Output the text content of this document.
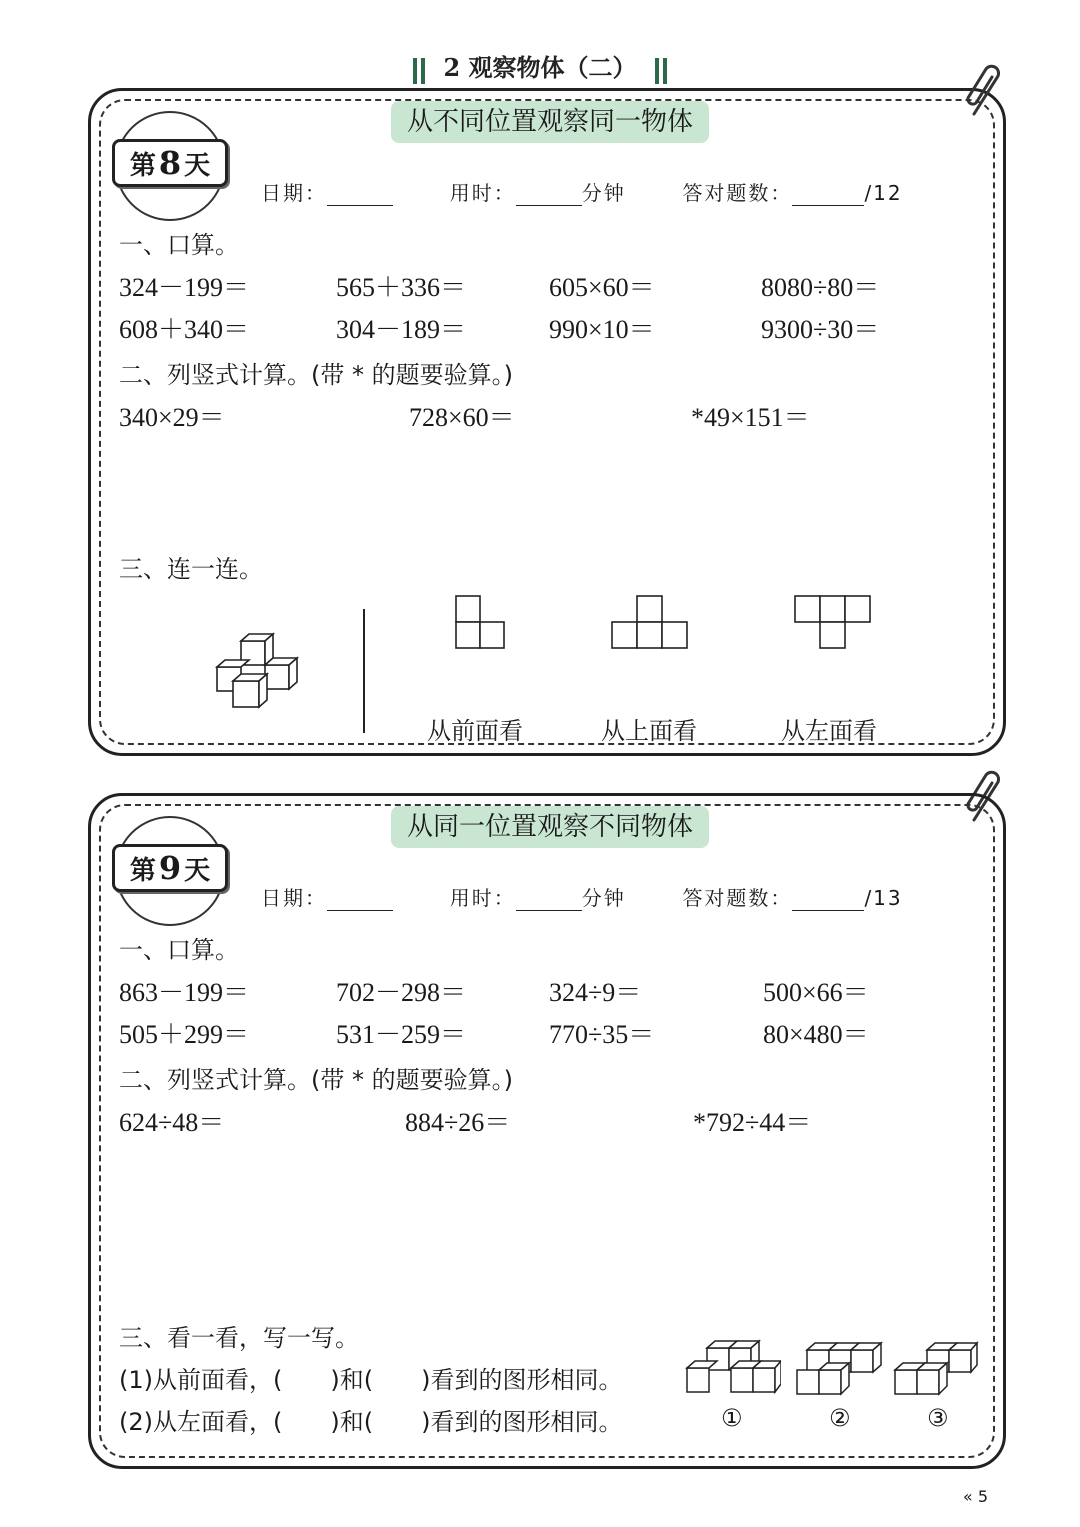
2 观察物体（二）
从不同位置观察同一物体
第8 天
日期：	用时：	分钟	答对题数：	/12
一、口算。
324－199＝	565＋336＝	605×60＝	8080÷80＝
608＋340＝	304－189＝	990×10＝	9300÷30＝
二、列竖式计算。(带 * 的题要验算。)
340×29＝	728×60＝	*49×151＝
三、连一连。
从前面看	从上面看	从左面看
从同一位置观察不同物体
第9 天
日期：	用时：	分钟	答对题数：	/13
一、口算。
863－199＝	702－298＝	324÷9＝	500×66＝
505＋299＝	531－259＝	770÷35＝	80×480＝
二、列竖式计算。(带 * 的题要验算。)
624÷48＝	884÷26＝	*792÷44＝
三、看一看，写一写。
(1)从前面看，(　　)和(　　)看到的图形相同。
(2)从左面看，(　　)和(　　)看到的图形相同。	①	②	③
« 5
